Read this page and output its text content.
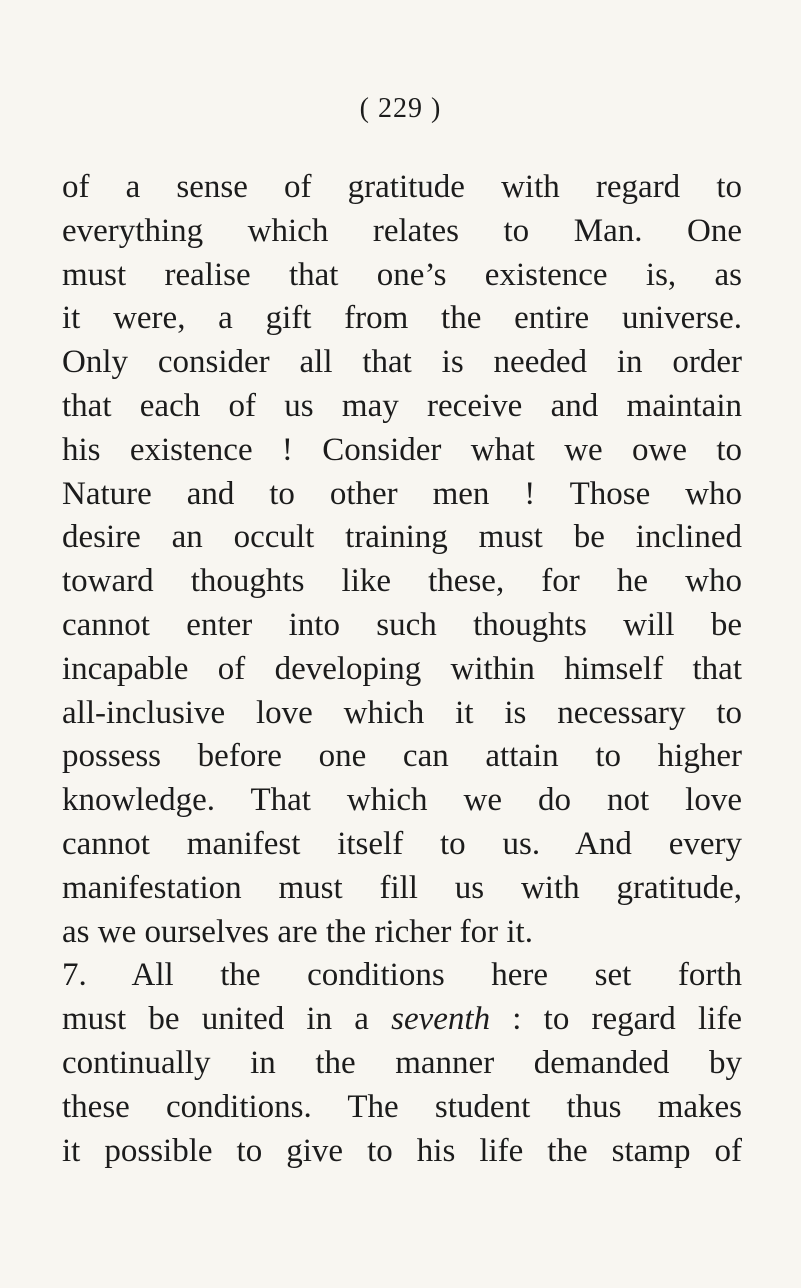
( 229 )
of a sense of gratitude with regard to
everything which relates to Man. One
must realise that one’s existence is, as
it were, a gift from the entire universe.
Only consider all that is needed in order
that each of us may receive and maintain
his existence ! Consider what we owe to
Nature and to other men ! Those who
desire an occult training must be inclined
toward thoughts like these, for he who
cannot enter into such thoughts will be
incapable of developing within himself that
all-inclusive love which it is necessary to
possess before one can attain to higher
knowledge. That which we do not love
cannot manifest itself to us. And every
manifestation must fill us with gratitude,
as we ourselves are the richer for it.
7. All the conditions here set forth
must be united in a seventh : to regard life
continually in the manner demanded by
these conditions. The student thus makes
it possible to give to his life the stamp of
